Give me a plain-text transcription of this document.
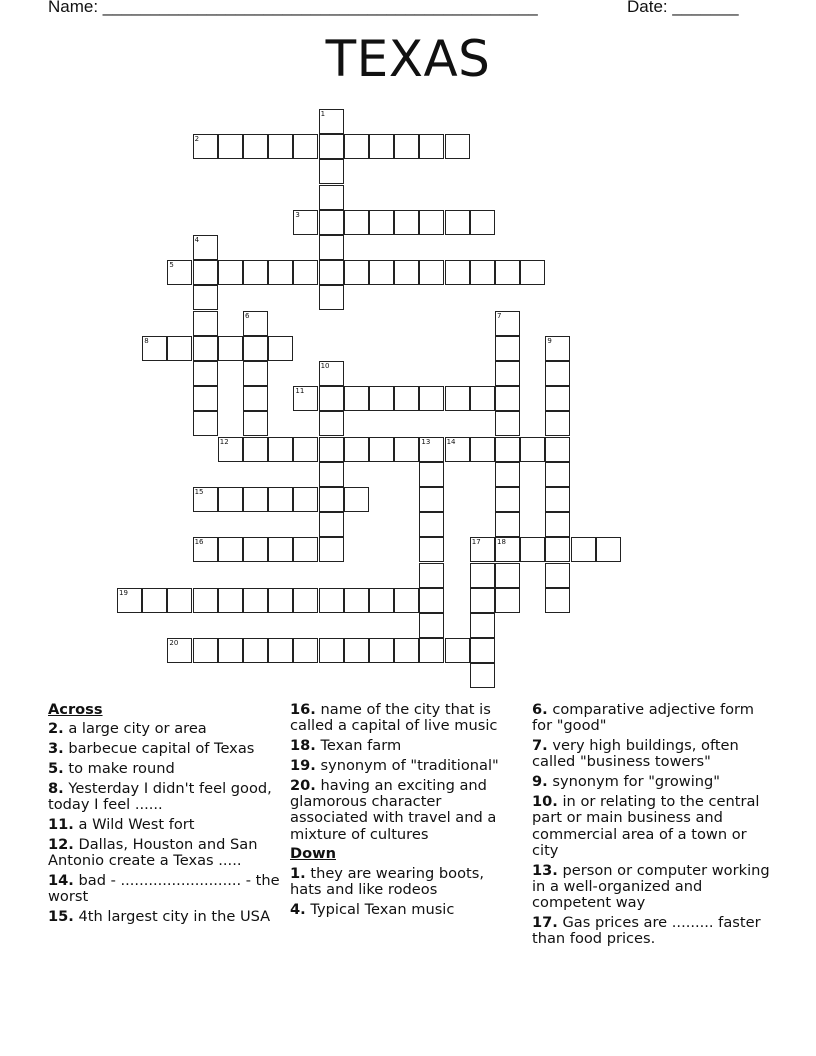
Name: ______________________________________________	Date: _______
TEXAS
1
2
3
4
5
6	7
18
8	9
10
11
12	13 14
15
16	17
19
20
Across
2. a large city or area
3. barbecue capital of Texas
5. to make round
8. Yesterday I didn't feel good, today I feel ......
11. a Wild West fort
12. Dallas, Houston and San Antonio create a Texas .....
14. bad - .......................... - the worst
15. 4th largest city in the USA
16. name of the city that is called a capital of live music
18. Texan farm
19. synonym of "traditional"
20. having an exciting and glamorous character associated with travel and a mixture of cultures
Down
1. they are wearing boots, hats and like rodeos
4. Typical Texan music
6. comparative adjective form for "good"
7. very high buildings, often called "business towers"
9. synonym for "growing"
10. in or relating to the central part or main business and commercial area of a town or city
13. person or computer working in a well-organized and competent way
17. Gas prices are ......... faster than food prices.
